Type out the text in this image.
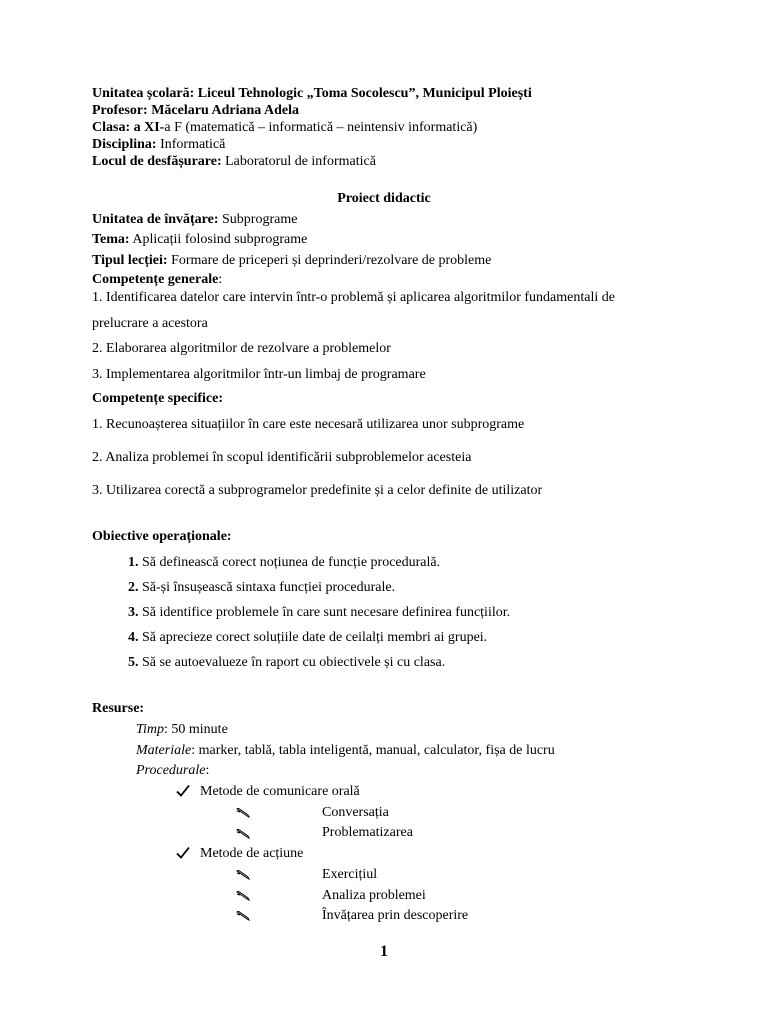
Unitatea școlară: Liceul Tehnologic „Toma Socolescu”, Municipul Ploiești
Profesor: Măcelaru Adriana Adela
Clasa: a XI-a F (matematică – informatică – neintensiv informatică)
Disciplina: Informatică
Locul de desfășurare: Laboratorul de informatică
Proiect didactic
Unitatea de învățare: Subprograme
Tema: Aplicații folosind subprograme
Tipul lecției: Formare de priceperi și deprinderi/rezolvare de probleme
Competențe generale:
1. Identificarea datelor care intervin într-o problemă și aplicarea algoritmilor fundamentali de
prelucrare a acestora
2. Elaborarea algoritmilor de rezolvare a problemelor
3. Implementarea algoritmilor într-un limbaj de programare
Competențe specifice:
1. Recunoașterea situațiilor în care este necesară utilizarea unor subprograme
2. Analiza problemei în scopul identificării subproblemelor acesteia
3. Utilizarea corectă a subprogramelor predefinite și a celor definite de utilizator
Obiective operaționale:
1. Să definească corect noțiunea de funcție procedurală.
2. Să-și însușească sintaxa funcției procedurale.
3. Să identifice problemele în care sunt necesare definirea funcțiilor.
4. Să aprecieze corect soluțiile date de ceilalți membri ai grupei.
5. Să se autoevalueze în raport cu obiectivele și cu clasa.
Resurse:
Timp: 50 minute
Materiale: marker, tablă, tabla inteligentă, manual, calculator, fișa de lucru
Procedurale:
Metode de comunicare orală
Conversația
Problematizarea
Metode de acțiune
Exercițiul
Analiza problemei
Învățarea prin descoperire
1
